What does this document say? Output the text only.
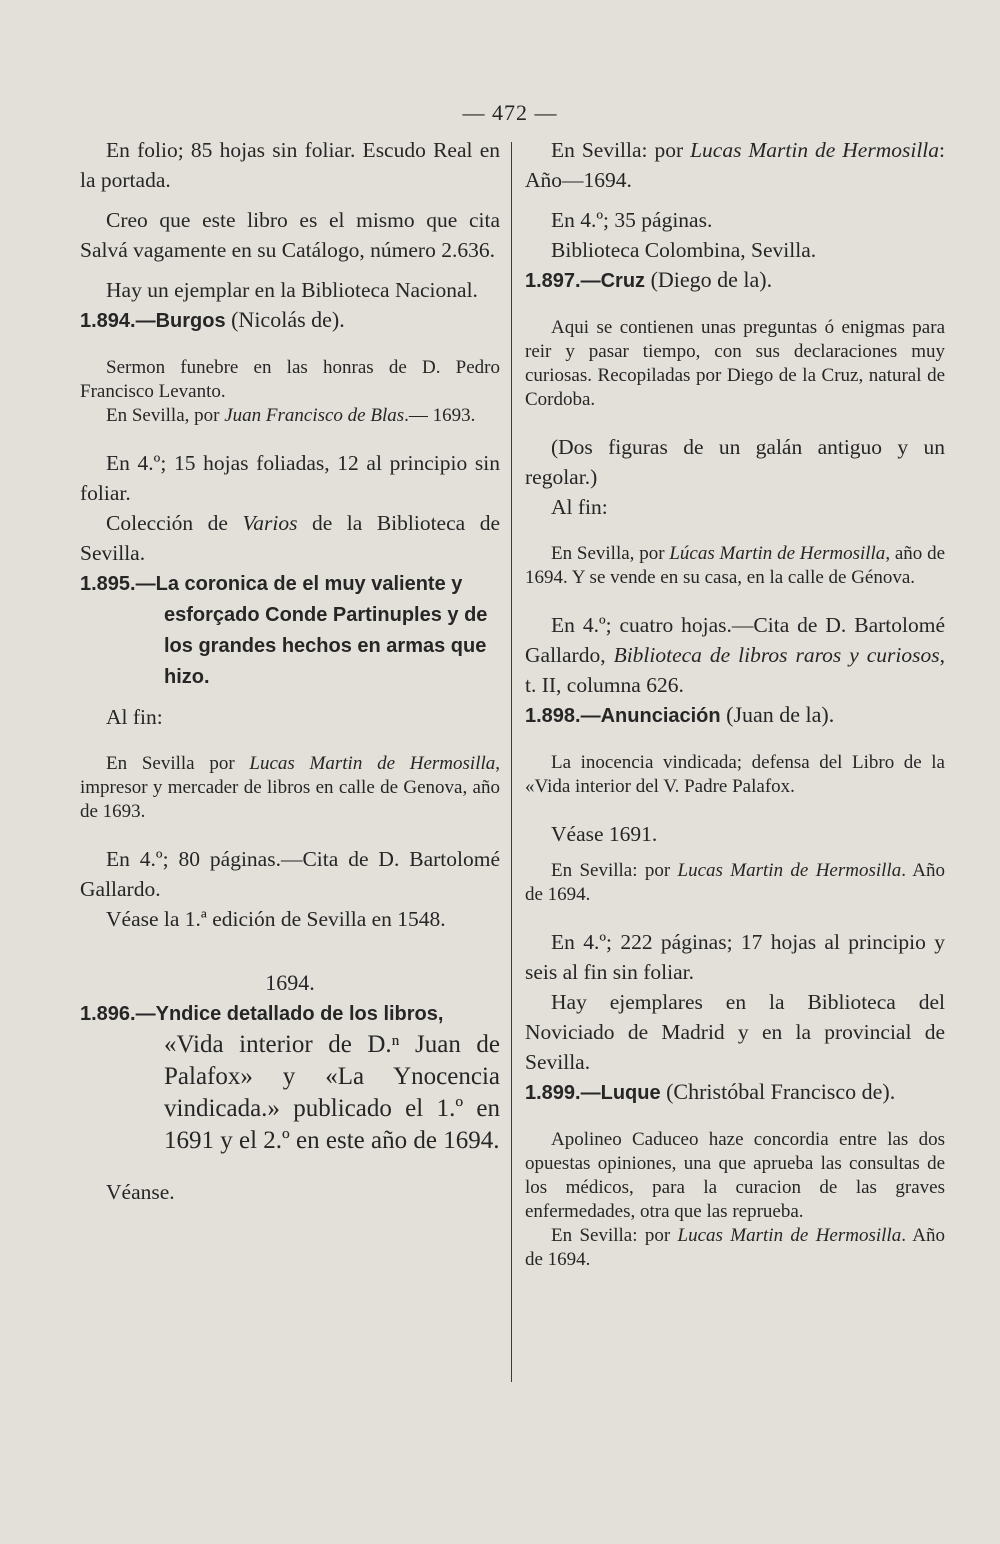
— 472 —

En folio; 85 hojas sin foliar. Escudo Real en la portada.

Creo que este libro es el mismo que cita Salvá vagamente en su Catálogo, número 2.636.

Hay un ejemplar en la Biblioteca Nacional.

1.894.—Burgos (Nicolás de).

Sermon funebre en las honras de D. Pedro Francisco Levanto.

En Sevilla, por Juan Francisco de Blas.— 1693.

En 4.º; 15 hojas foliadas, 12 al principio sin foliar.

Colección de Varios de la Biblioteca de Sevilla.

1.895.—La coronica de el muy valiente y esforçado Conde Partinuples y de los grandes hechos en armas que hizo.

Al fin:

En Sevilla por Lucas Martin de Hermosilla, impresor y mercader de libros en calle de Genova, año de 1693.

En 4.º; 80 páginas.—Cita de D. Bartolomé Gallardo.

Véase la 1.ª edición de Sevilla en 1548.

1694.

1.896.—Yndice detallado de los libros,

«Vida interior de D.ⁿ Juan de Palafox» y «La Ynocencia vindicada.» publicado el 1.º en 1691 y el 2.º en este año de 1694.

Véanse.

En Sevilla: por Lucas Martin de Hermosilla: Año—1694.

En 4.º; 35 páginas.

Biblioteca Colombina, Sevilla.

1.897.—Cruz (Diego de la).

Aqui se contienen unas preguntas ó enigmas para reir y pasar tiempo, con sus declaraciones muy curiosas. Recopiladas por Diego de la Cruz, natural de Cordoba.

(Dos figuras de un galán antiguo y un regolar.)

Al fin:

En Sevilla, por Lúcas Martin de Hermosilla, año de 1694. Y se vende en su casa, en la calle de Génova.

En 4.º; cuatro hojas.—Cita de D. Bartolomé Gallardo, Biblioteca de libros raros y curiosos, t. II, columna 626.

1.898.—Anunciación (Juan de la).

La inocencia vindicada; defensa del Libro de la «Vida interior del V. Padre Palafox.

Véase 1691.

En Sevilla: por Lucas Martin de Hermosilla. Año de 1694.

En 4.º; 222 páginas; 17 hojas al principio y seis al fin sin foliar.

Hay ejemplares en la Biblioteca del Noviciado de Madrid y en la provincial de Sevilla.

1.899.—Luque (Christóbal Francisco de).

Apolineo Caduceo haze concordia entre las dos opuestas opiniones, una que aprueba las consultas de los médicos, para la curacion de las graves enfermedades, otra que las reprueba.

En Sevilla: por Lucas Martin de Hermosilla. Año de 1694.
